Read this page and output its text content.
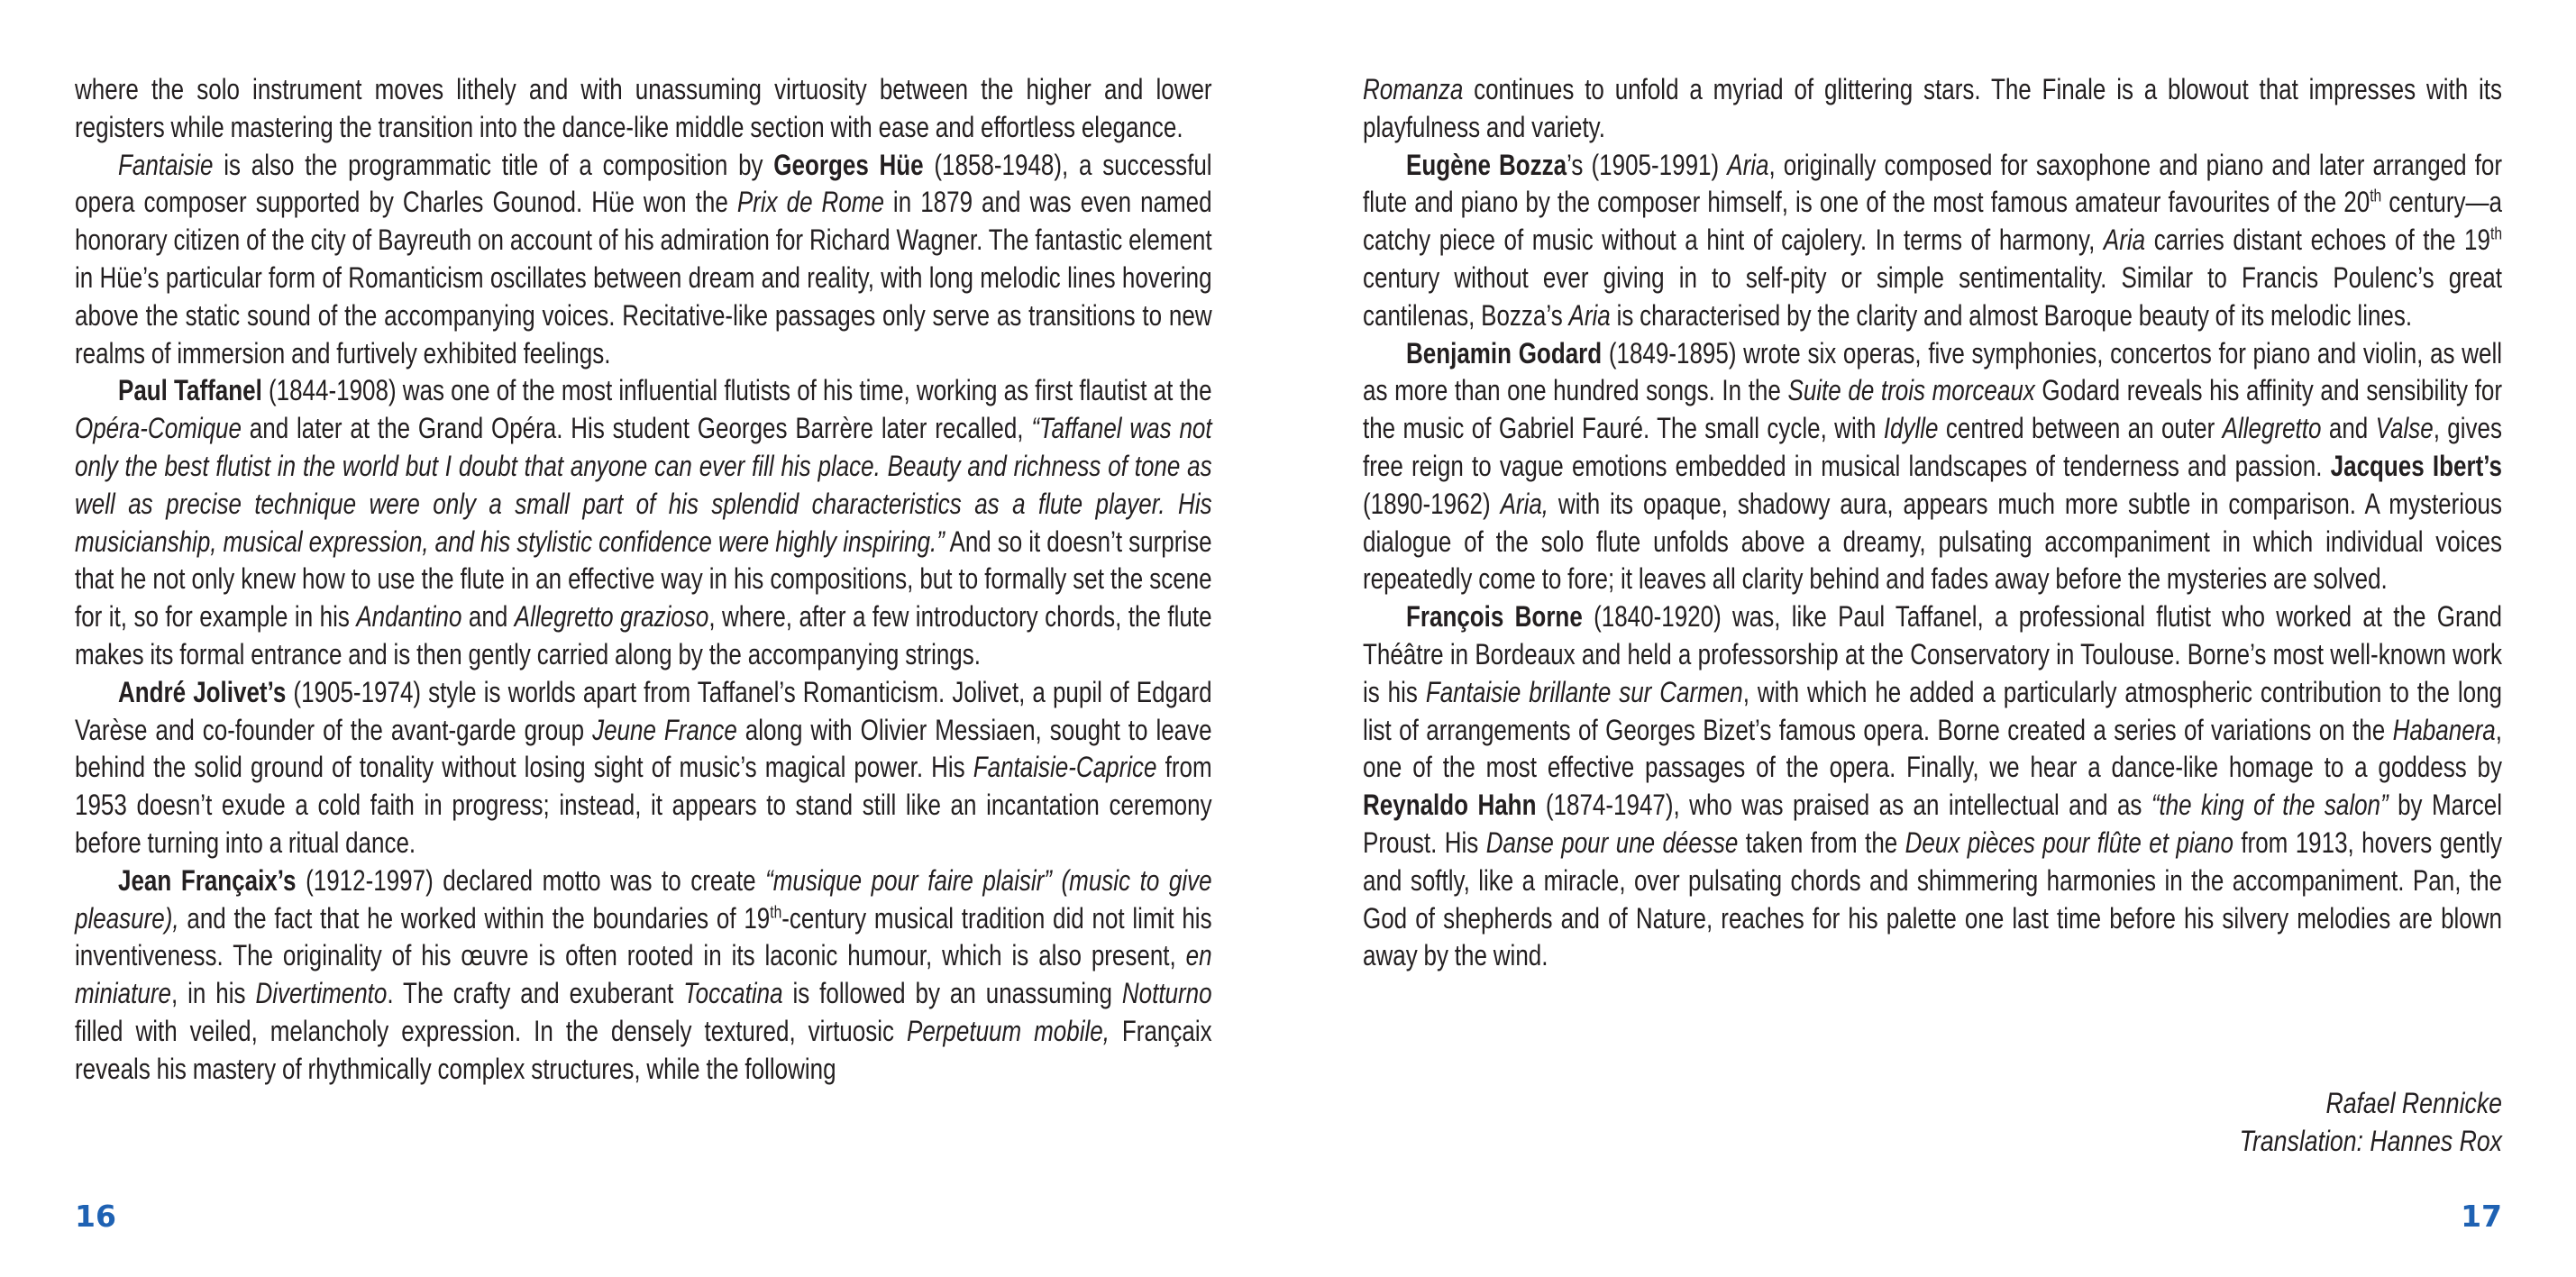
where the solo instrument moves lithely and with unassuming virtuosity between the higher and lower registers while mastering the transition into the dance-like middle section with ease and effortless elegance.

Fantaisie is also the programmatic title of a composition by Georges Hüe (1858-1948), a successful opera composer supported by Charles Gounod. Hüe won the Prix de Rome in 1879 and was even named honorary citizen of the city of Bayreuth on account of his admiration for Richard Wagner. The fantastic element in Hüe’s particular form of Romanticism oscillates between dream and reality, with long melodic lines hovering above the static sound of the accompanying voices. Recitative-like passages only serve as transitions to new realms of immersion and furtively exhibited feelings.

Paul Taffanel (1844-1908) was one of the most influential flutists of his time, working as first flautist at the Opéra-Comique and later at the Grand Opéra. His student Georges Barrère later recalled, “Taffanel was not only the best flutist in the world but I doubt that anyone can ever fill his place. Beauty and richness of tone as well as precise technique were only a small part of his splendid characteristics as a flute player. His musicianship, musical expression, and his stylistic confidence were highly inspiring.” And so it doesn’t surprise that he not only knew how to use the flute in an effective way in his compositions, but to formally set the scene for it, so for example in his Andantino and Allegretto grazioso, where, after a few introductory chords, the flute makes its formal entrance and is then gently carried along by the accompanying strings.

André Jolivet’s (1905-1974) style is worlds apart from Taffanel’s Romanticism. Jolivet, a pupil of Edgard Varèse and co-founder of the avant-garde group Jeune France along with Olivier Messiaen, sought to leave behind the solid ground of tonality without losing sight of music’s magical power. His Fantaisie-Caprice from 1953 doesn’t exude a cold faith in progress; instead, it appears to stand still like an incantation ceremony before turning into a ritual dance.

Jean Françaix’s (1912-1997) declared motto was to create “musique pour faire plaisir” (music to give pleasure), and the fact that he worked within the boundaries of 19th-century musical tradition did not limit his inventiveness. The originality of his œuvre is often rooted in its laconic humour, which is also present, en miniature, in his Divertimento. The crafty and exuberant Toccatina is followed by an unassuming Notturno filled with veiled, melancholy expression. In the densely textured, virtuosic Perpetuum mobile, Françaix reveals his mastery of rhythmically complex structures, while the following

16

Romanza continues to unfold a myriad of glittering stars. The Finale is a blowout that impresses with its playfulness and variety.

Eugène Bozza’s (1905-1991) Aria, originally composed for saxophone and piano and later arranged for flute and piano by the composer himself, is one of the most famous amateur favourites of the 20th century—a catchy piece of music without a hint of cajolery. In terms of harmony, Aria carries distant echoes of the 19th century without ever giving in to self-pity or simple sentimentality. Similar to Francis Poulenc’s great cantilenas, Bozza’s Aria is characterised by the clarity and almost Baroque beauty of its melodic lines.

Benjamin Godard (1849-1895) wrote six operas, five symphonies, concertos for piano and violin, as well as more than one hundred songs. In the Suite de trois morceaux Godard reveals his affinity and sensibility for the music of Gabriel Fauré. The small cycle, with Idylle centred between an outer Allegretto and Valse, gives free reign to vague emotions embedded in musical landscapes of tenderness and passion. Jacques Ibert’s (1890-1962) Aria, with its opaque, shadowy aura, appears much more subtle in comparison. A mysterious dialogue of the solo flute unfolds above a dreamy, pulsating accompaniment in which individual voices repeatedly come to fore; it leaves all clarity behind and fades away before the mysteries are solved.

François Borne (1840-1920) was, like Paul Taffanel, a professional flutist who worked at the Grand Théâtre in Bordeaux and held a professorship at the Conservatory in Toulouse. Borne’s most well-known work is his Fantaisie brillante sur Carmen, with which he added a particularly atmospheric contribution to the long list of arrangements of Georges Bizet’s famous opera. Borne created a series of variations on the Habanera, one of the most effective passages of the opera. Finally, we hear a dance-like homage to a goddess by Reynaldo Hahn (1874-1947), who was praised as an intellectual and as “the king of the salon” by Marcel Proust. His Danse pour une déesse taken from the Deux pièces pour flûte et piano from 1913, hovers gently and softly, like a miracle, over pulsating chords and shimmering harmonies in the accompaniment. Pan, the God of shepherds and of Nature, reaches for his palette one last time before his silvery melodies are blown away by the wind.

Rafael Rennicke
Translation: Hannes Rox
17
